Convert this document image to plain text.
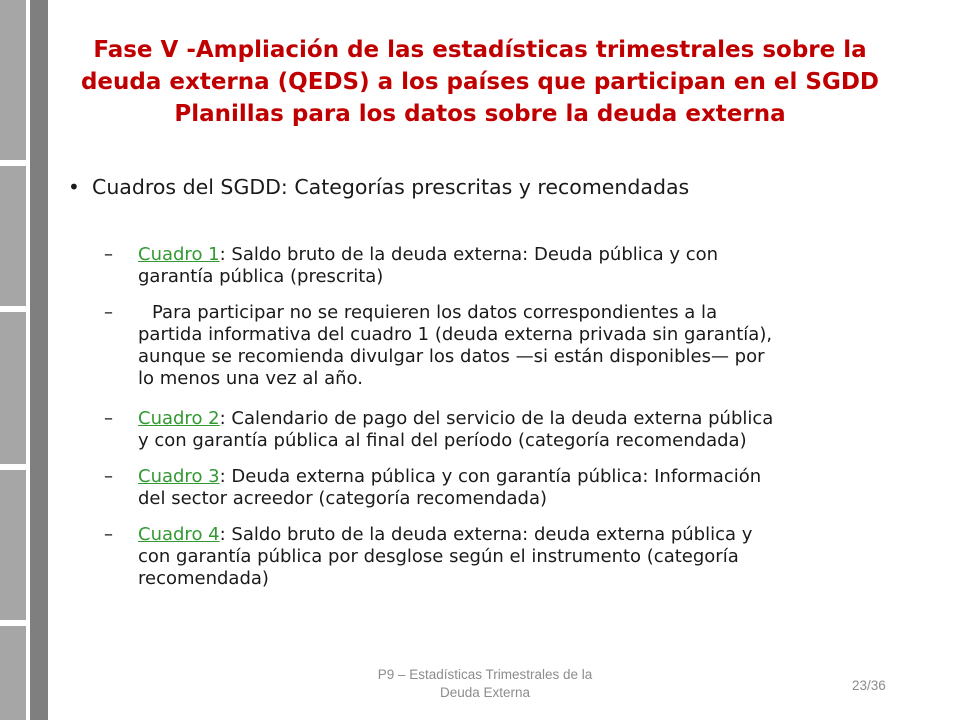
Fase V -Ampliación de las estadísticas trimestrales sobre la
deuda externa (QEDS) a los países que participan en el SGDD
Planillas para los datos sobre la deuda externa
• Cuadros del SGDD: Categorías prescritas y recomendadas
– Cuadro 1: Saldo bruto de la deuda externa: Deuda pública y con
garantía pública (prescrita)
–	Para participar no se requieren los datos correspondientes a la
partida informativa del cuadro 1 (deuda externa privada sin garantía),
aunque se recomienda divulgar los datos —si están disponibles— por
lo menos una vez al año.
– Cuadro 2: Calendario de pago del servicio de la deuda externa pública
y con garantía pública al final del período (categoría recomendada)
– Cuadro 3: Deuda externa pública y con garantía pública: Información
del sector acreedor (categoría recomendada)
– Cuadro 4: Saldo bruto de la deuda externa: deuda externa pública y
con garantía pública por desglose según el instrumento (categoría
recomendada)
P9 – Estadísticas Trimestrales de la
Deuda Externa	23/36
